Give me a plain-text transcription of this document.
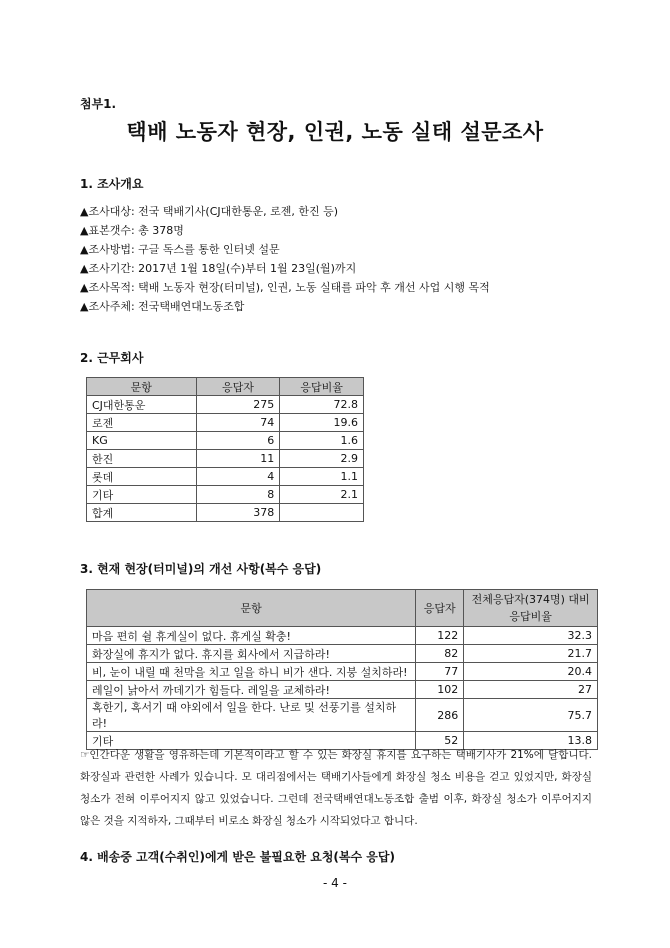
첨부1.
택배 노동자 현장, 인권, 노동 실태 설문조사
1. 조사개요
▲조사대상: 전국 택배기사(CJ대한통운, 로젠, 한진 등)
▲표본갯수: 총 378명
▲조사방법: 구글 독스를 통한 인터넷 설문
▲조사기간: 2017년 1월 18일(수)부터 1월 23일(월)까지
▲조사목적: 택배 노동자 현장(터미널), 인권, 노동 실태를 파악 후 개선 사업 시행 목적
▲조사주체: 전국택배연대노동조합
2. 근무회사
문항	응답자	응답비율
CJ대한통운	275	72.8
로젠	74	19.6
KG	6	1.6
한진	11	2.9
롯데	4	1.1
기타	8	2.1
합계	378	
3. 현재 현장(터미널)의 개선 사항(복수 응답)
문항	응답자	전체응답자(374명) 대비 응답비율
마음 편히 쉴 휴게실이 없다. 휴게실 확충!	122	32.3
화장실에 휴지가 없다. 휴지를 회사에서 지급하라!	82	21.7
비, 눈이 내릴 때 천막을 치고 일을 하니 비가 샌다. 지붕 설치하라!	77	20.4
레일이 낡아서 까데기가 힘들다. 레일을 교체하라!	102	27
혹한기, 혹서기 때 야외에서 일을 한다. 난로 및 선풍기를 설치하라!	286	75.7
기타	52	13.8
☞인간다운 생활을 영유하는데 기본적이라고 할 수 있는 화장실 휴지를 요구하는 택배기사가 21%에 달합니다. 화장실과 관련한 사례가 있습니다. 모 대리점에서는 택배기사들에게 화장실 청소 비용을 걷고 있었지만, 화장실 청소가 전혀 이루어지지 않고 있었습니다. 그런데 전국택배연대노동조합 출범 이후, 화장실 청소가 이루어지지 않은 것을 지적하자, 그때부터 비로소 화장실 청소가 시작되었다고 합니다.
4. 배송중 고객(수취인)에게 받은 불필요한 요청(복수 응답)
- 4 -
